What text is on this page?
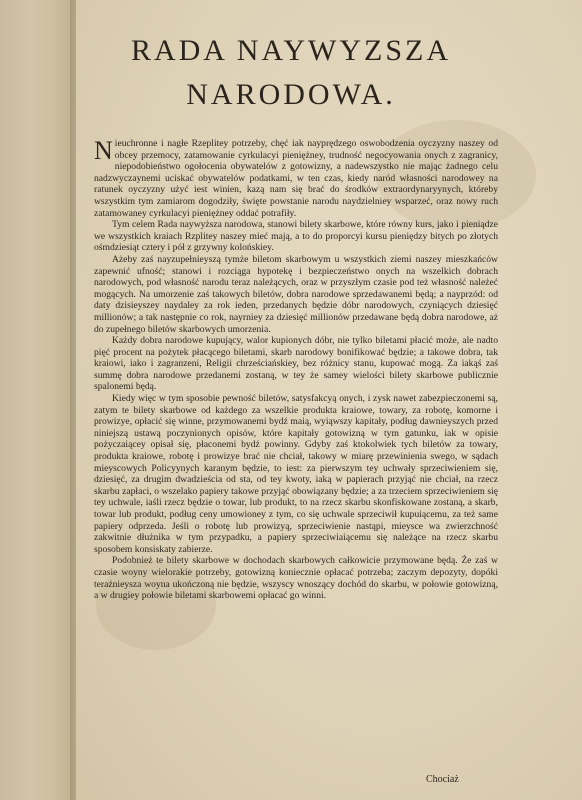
RADA NAYWYZSZA
NARODOWA.

Nieuchronne i nagłe Rzeplitey potrzeby, chęć iak nayprędzego oswobodzenia oyczyzny naszey od obcey przemocy, zatamowanie cyrkulacyi pieniężney, trudność negocyowania onych z zagranicy, niepodobieństwo ogołocenia obywatelów z gotowizny, a nadewszystko nie mając żadnego celu nadzwyczaynemi uciskać obywatelów podatkami, w ten czas, kiedy naród własności narodowey na ratunek oyczyzny użyć iest winien, kazą nam się brać do środków extraordynaryynych, któreby wszystkim tym zamiarom dogodziły, święte powstanie narodu naydzielniey wsparzeć, oraz nowy ruch zatamowaney cyrkulacyi pieniężney oddać potrafiły.

Tym celem Rada naywyższa narodowa, stanowi bilety skarbowe, które równy kurs, jako i pieniądze we wszystkich kraiach Rzplitey naszey mieć mają, a to do proporcyi kursu pieniędzy bitych po złotych ośmdziesiąt cztery i pół z grzywny kolońskiey.

Ażeby zaś nayzupełnieyszą tymże biletom skarbowym u wszystkich ziemi naszey mieszkańców zapewnić ufność; stanowi i rozciąga hypotekę i bezpieczeństwo onych na wszelkich dobrach narodowych, pod własność narodu teraz należących, oraz w przyszłym czasie pod też własność należeć mogących. Na umorzenie zaś takowych biletów, dobra narodowe sprzedawanemi będą; a nayprzód: od daty dzisieyszey naydaley za rok ieden, przedanych będzie dóbr narodowych, czyniących dziesięć millionów; a tak następnie co rok, nayrniey za dziesięć millionów przedawane będą dobra narodowe, aż do zupełnego biletów skarbowych umorzenia.

Każdy dobra narodowe kupujący, walor kupionych dóbr, nie tylko biletami płacić może, ale nadto pięć procent na pożytek płacącego biletami, skarb narodowy bonifikować będzie; a takowe dobra, tak kraiowi, iako i zagranzeni, Religii chrześciańskiey, bez różnicy stanu, kupować mogą. Za iakąś zaś summę dobra narodowe przedanemi zostaną, w tey że samey wielości bilety skarbowe publicznie spalonemi będą.

Kiedy więc w tym sposobie pewność biletów, satysfakcyą onych, i zysk nawet zabezpieczonemi są, zatym te bilety skarbowe od każdego za wszelkie produkta kraiowe, towary, za robotę, komorne i prowizye, opłacić się winne, przymowanemi bydź maią, wyiąwszy kapitały, podług dawnieyszych przed niniejszą ustawą poczynionych opisów, które kapitały gotowizną w tym gatunku, iak w opisie pożyczaiącey opisał się, płaconemi bydź powinny. Gdyby zaś ktokolwiek tych biletów za towary, produkta kraiowe, robotę i prowizye brać nie chciał, takowy w miarę przewinienia swego, w sądach mieyscowych Policyynych karanym będzie, to iest: za pierwszym tey uchwały sprzeciwieniem się, dziesięć, za drugim dwadzieścia od sta, od tey kwoty, iaką w papierach przyjąć nie chciał, na rzecz skarbu zapłaci, o wszelako papiery takowe przyjąć obowiązany będzie; a za trzeciem sprzeciwieniem się tey uchwale, iaśli rzecz będzie o towar, lub produkt, to na rzecz skarbu skonfiskowane zostaną, a skarb, towar lub produkt, podług ceny umowioney z tym, co się uchwale sprzeciwił kupuiącemu, za też same papiery odprzeda. Jeśli o robotę lub prowizyą, sprzeciwienie nastąpi, mieysce wa zwierzchność zakwitnie dłużnika w tym przypadku, a papiery sprzeciwiaiącemu się należące na rzecz skarbu sposobem konsiskaty zabierze.

Podobnież te bilety skarbowe w dochodach skarbowych całkowicie przymowane będą. Że zaś w czasie woyny wielorakie potrzeby, gotowizną koniecznie opłacać potrzeba; zaczym depozyty, dopóki teraźnieysza woyna ukończoną nie będzie, wszyscy wnoszący dochód do skarbu, w połowie gotowizną, a w drugiey połowie biletami skarbowemi opłacać go winni.

Chociaż
